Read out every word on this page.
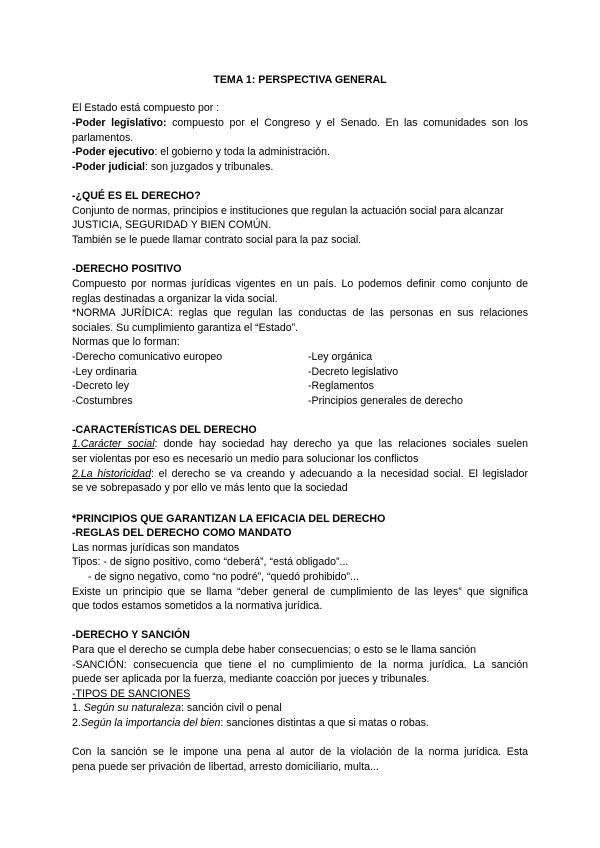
TEMA 1: PERSPECTIVA GENERAL
El Estado está compuesto por :
-Poder legislativo: compuesto por el Congreso y el Senado. En las comunidades son los
parlamentos.
-Poder ejecutivo: el gobierno y toda la administración.
-Poder judicial: son juzgados y tribunales.
-¿QUÉ ES EL DERECHO?
Conjunto de normas, principios e instituciones que regulan la actuación social para alcanzar
JUSTICIA, SEGURIDAD Y BIEN COMÚN.
También se le puede llamar contrato social para la paz social.
-DERECHO POSITIVO
Compuesto por normas jurídicas vigentes en un país. Lo podemos definir como conjunto de
reglas destinadas a organizar la vida social.
*NORMA JURÍDICA: reglas que regulan las conductas de las personas en sus relaciones
sociales. Su cumplimiento garantiza el “Estado”.
Normas que lo forman:
-Derecho comunicativo europeo
-Ley ordinaria
-Decreto ley
-Costumbres
-Ley orgánica
-Decreto legislativo
-Reglamentos
-Principios generales de derecho
-CARACTERÍSTICAS DEL DERECHO
1.Carácter social: donde hay sociedad hay derecho ya que las relaciones sociales suelen
ser violentas por eso es necesario un medio para solucionar los conflictos
2.La historicidad: el derecho se va creando y adecuando a la necesidad social. El legislador
se ve sobrepasado y por ello ve más lento que la sociedad
*PRINCIPIOS QUE GARANTIZAN LA EFICACIA DEL DERECHO
-REGLAS DEL DERECHO COMO MANDATO
Las normas jurídicas son mandatos
Tipos: - de signo positivo, como “deberá”, “está obligado”...
- de signo negativo, como “no podré”, “quedó prohibido”...
Existe un principio que se llama “deber general de cumplimiento de las leyes” que significa
que todos estamos sometidos a la normativa jurídica.
-DERECHO Y SANCIÓN
Para que el derecho se cumpla debe haber consecuencias; o esto se le llama sanción
-SANCIÓN: consecuencia que tiene el no cumplimiento de la norma jurídica. La sanción
puede ser aplicada por la fuerza, mediante coacción por jueces y tribunales.
-TIPOS DE SANCIONES
1. Según su naturaleza: sanción civil o penal
2.Según la importancia del bien: sanciones distintas a que si matas o robas.
Con la sanción se le impone una pena al autor de la violación de la norma jurídica. Esta
pena puede ser privación de libertad, arresto domiciliario, multa...
